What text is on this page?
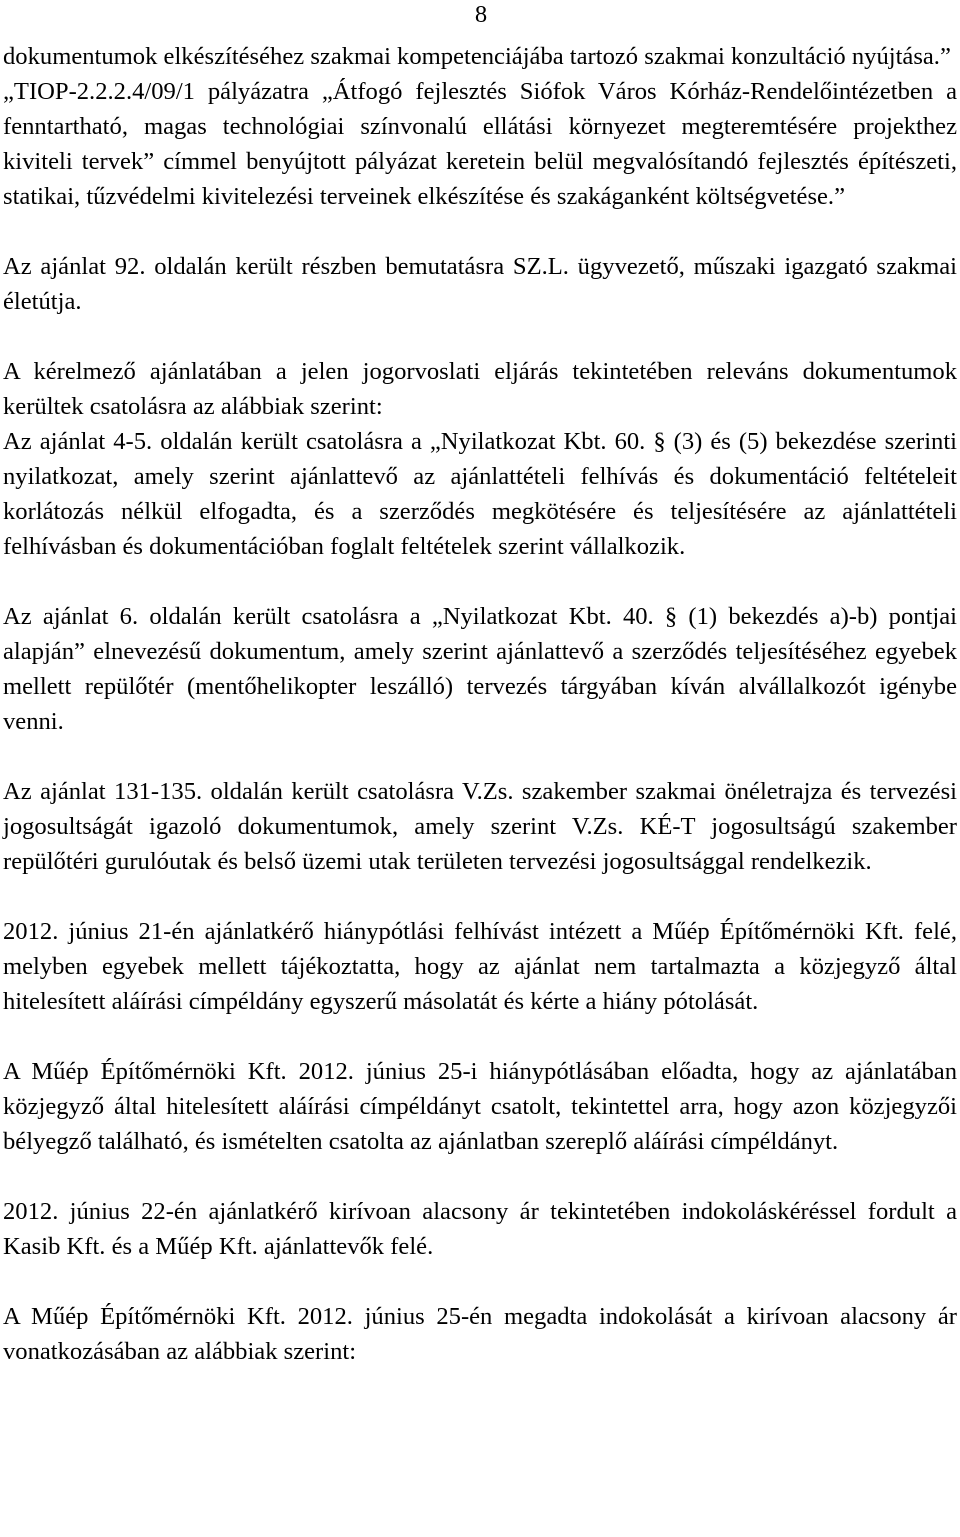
8

dokumentumok elkészítéséhez szakmai kompetenciájába tartozó szakmai konzultáció nyújtása.”

„TIOP-2.2.2.4/09/1 pályázatra „Átfogó fejlesztés Siófok Város Kórház-Rendelőintézetben a fenntartható, magas technológiai színvonalú ellátási környezet megteremtésére projekthez kiviteli tervek” címmel benyújtott pályázat keretein belül megvalósítandó fejlesztés építészeti, statikai, tűzvédelmi kivitelezési terveinek elkészítése és szakáganként költségvetése.”

Az ajánlat 92. oldalán került részben bemutatásra SZ.L. ügyvezető, műszaki igazgató szakmai életútja.

A kérelmező ajánlatában a jelen jogorvoslati eljárás tekintetében releváns dokumentumok kerültek csatolásra az alábbiak szerint:

Az ajánlat 4-5. oldalán került csatolásra a „Nyilatkozat Kbt. 60. § (3) és (5) bekezdése szerinti nyilatkozat, amely szerint ajánlattevő az ajánlattételi felhívás és dokumentáció feltételeit korlátozás nélkül elfogadta, és a szerződés megkötésére és teljesítésére az ajánlattételi felhívásban és dokumentációban foglalt feltételek szerint vállalkozik.

Az ajánlat 6. oldalán került csatolásra a „Nyilatkozat Kbt. 40. § (1) bekezdés a)-b) pontjai alapján” elnevezésű dokumentum, amely szerint ajánlattevő a szerződés teljesítéséhez egyebek mellett repülőtér (mentőhelikopter leszálló) tervezés tárgyában kíván alvállalkozót igénybe venni.

Az ajánlat 131-135. oldalán került csatolásra V.Zs. szakember szakmai önéletrajza és tervezési jogosultságát igazoló dokumentumok, amely szerint V.Zs. KÉ-T jogosultságú szakember repülőtéri gurulóutak és belső üzemi utak területen tervezési jogosultsággal rendelkezik.

2012. június 21-én ajánlatkérő hiánypótlási felhívást intézett a Műép Építőmérnöki Kft. felé, melyben egyebek mellett tájékoztatta, hogy az ajánlat nem tartalmazta a közjegyző által hitelesített aláírási címpéldány egyszerű másolatát és kérte a hiány pótolását.

A Műép Építőmérnöki Kft. 2012. június 25-i hiánypótlásában előadta, hogy az ajánlatában közjegyző által hitelesített aláírási címpéldányt csatolt, tekintettel arra, hogy azon közjegyzői bélyegző található, és ismételten csatolta az ajánlatban szereplő aláírási címpéldányt.

2012. június 22-én ajánlatkérő kirívoan alacsony ár tekintetében indokoláskéréssel fordult a Kasib Kft. és a Műép Kft. ajánlattevők felé.

A Műép Építőmérnöki Kft. 2012. június 25-én megadta indokolását a kirívoan alacsony ár vonatkozásában az alábbiak szerint:
